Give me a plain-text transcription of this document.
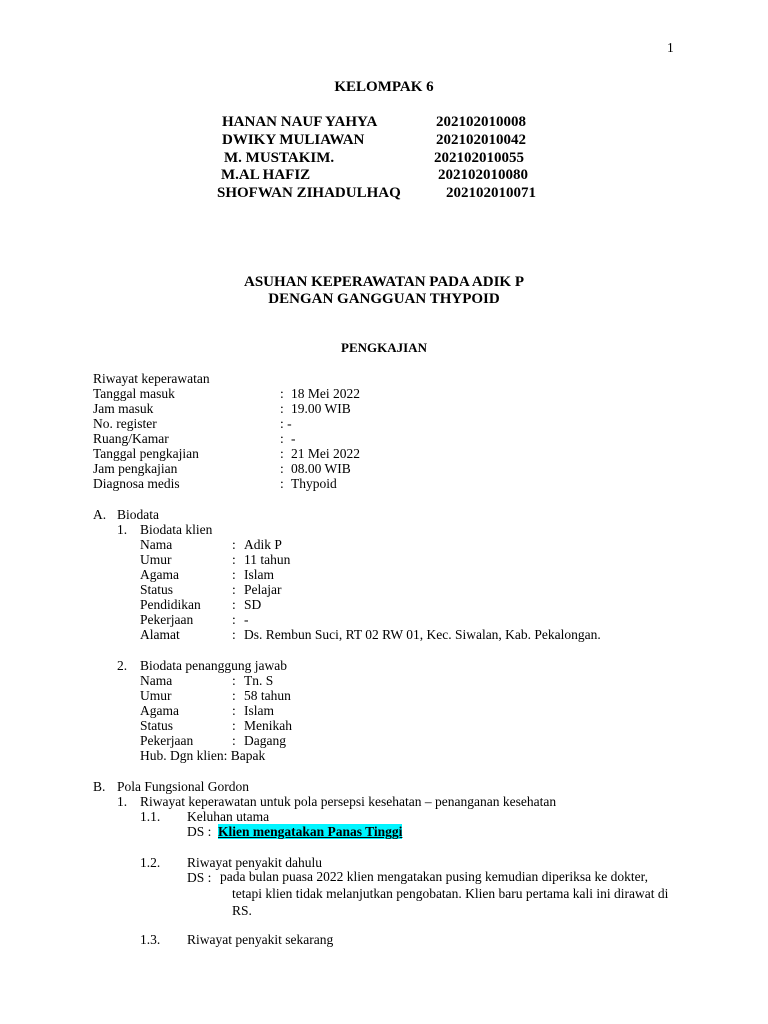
1
KELOMPAK 6
HANAN NAUF YAHYA	202102010008
DWIKY MULIAWAN	202102010042
M. MUSTAKIM.	202102010055
M.AL HAFIZ	202102010080
SHOFWAN ZIHADULHAQ	202102010071
ASUHAN KEPERAWATAN PADA ADIK P
DENGAN GANGGUAN THYPOID
PENGKAJIAN
Riwayat keperawatan
Tanggal masuk	: 18 Mei 2022
Jam masuk	: 19.00 WIB
No. register	: -
Ruang/Kamar	: -
Tanggal pengkajian	: 21 Mei 2022
Jam pengkajian	: 08.00 WIB
Diagnosa medis	: Thypoid
A. Biodata
1. Biodata klien
Nama	: Adik P
Umur	: 11 tahun
Agama	: Islam
Status	: Pelajar
Pendidikan : SD
Pekerjaan	: -
Alamat	: Ds. Rembun Suci, RT 02 RW 01, Kec. Siwalan, Kab. Pekalongan.
2. Biodata penanggung jawab
Nama	: Tn. S
Umur	: 58 tahun
Agama	: Islam
Status	: Menikah
Pekerjaan	: Dagang
Hub. Dgn klien: Bapak
B. Pola Fungsional Gordon
1. Riwayat keperawatan untuk pola persepsi kesehatan – penanganan kesehatan
1.1. Keluhan utama
DS : Klien mengatakan Panas Tinggi
1.2. Riwayat penyakit dahulu
DS : pada bulan puasa 2022 klien mengatakan pusing kemudian diperiksa ke dokter, tetapi klien tidak melanjutkan pengobatan. Klien baru pertama kali ini dirawat di RS.
1.3. Riwayat penyakit sekarang
